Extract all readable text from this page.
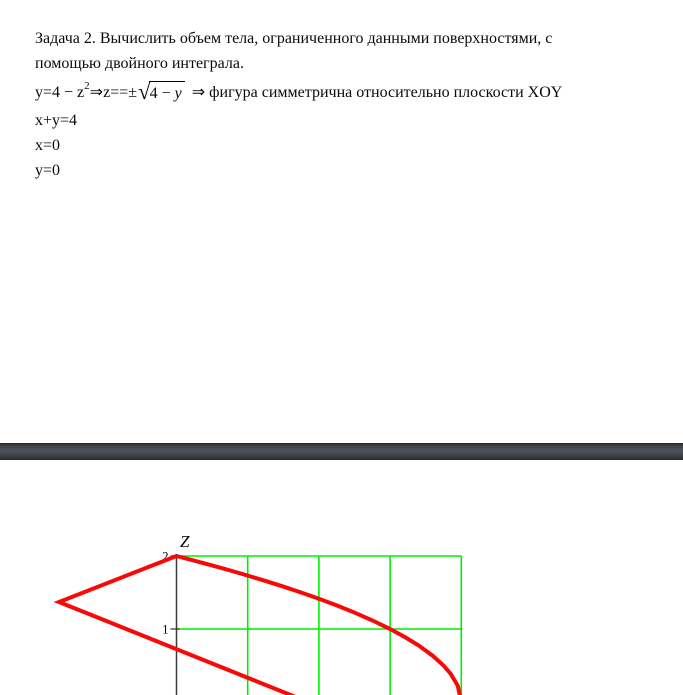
Задача 2. Вычислить объем тела, ограниченного данными поверхностями, с

помощью двойного интеграла.

$y=4 - z^2$ ⇒z==± √ 4 − y ⇒ фигура симметрична относительно плоскости XOY

x+y=4

x=0

y=0

2
1
Z
